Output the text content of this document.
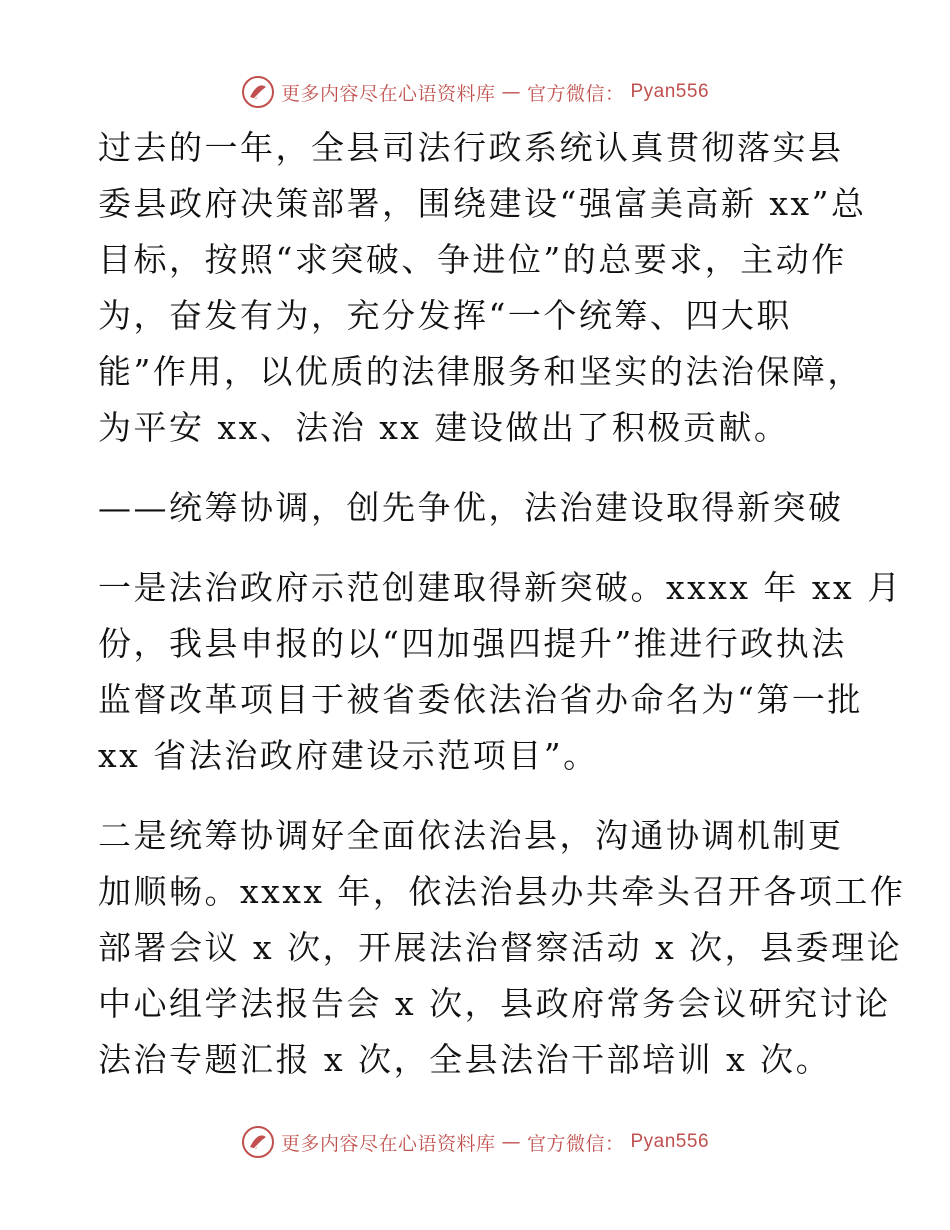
更多内容尽在心语资料库 — 官方微信： Pyan556

过去的一年，全县司法行政系统认真贯彻落实县
委县政府决策部署，围绕建设“强富美高新 xx”总
目标，按照“求突破、争进位”的总要求，主动作
为，奋发有为，充分发挥“一个统筹、四大职
能”作用，以优质的法律服务和坚实的法治保障，
为平安 xx、法治 xx 建设做出了积极贡献。

——统筹协调，创先争优，法治建设取得新突破

一是法治政府示范创建取得新突破。xxxx 年 xx 月
份，我县申报的以“四加强四提升”推进行政执法
监督改革项目于被省委依法治省办命名为“第一批
xx 省法治政府建设示范项目”。

二是统筹协调好全面依法治县，沟通协调机制更
加顺畅。xxxx 年，依法治县办共牵头召开各项工作
部署会议 x 次，开展法治督察活动 x 次，县委理论
中心组学法报告会 x 次，县政府常务会议研究讨论
法治专题汇报 x 次，全县法治干部培训 x 次。

更多内容尽在心语资料库 — 官方微信： Pyan556
